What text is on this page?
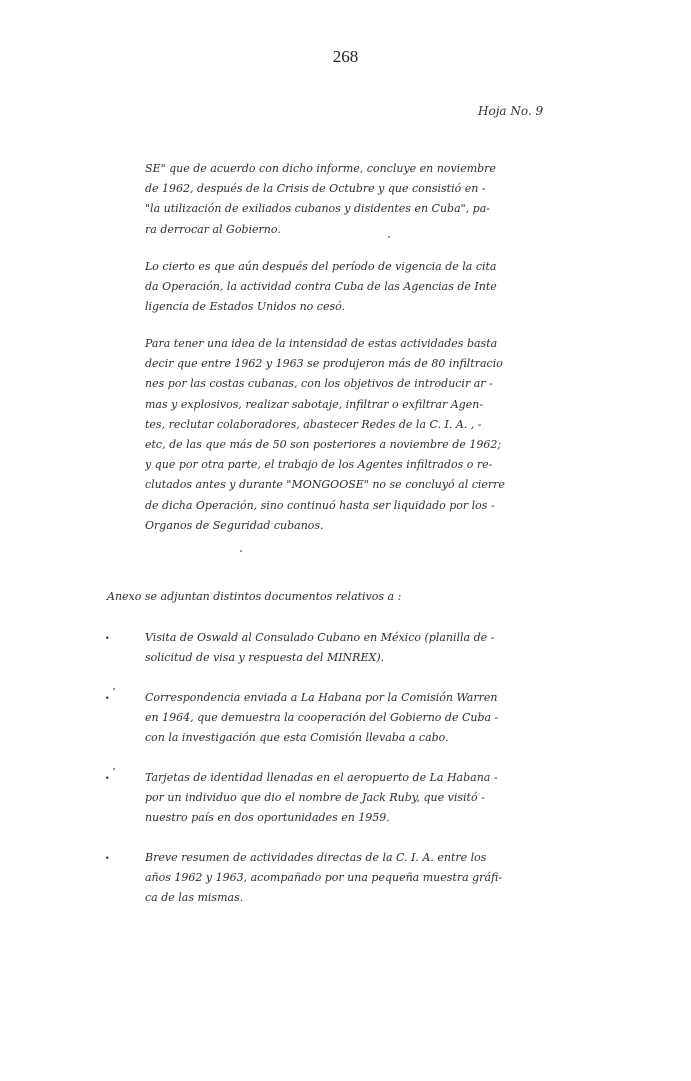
268
Hoja No. 9
SE" que de acuerdo con dicho informe, concluye en noviembre
de 1962, después de la Crisis de Octubre y que consistió en -
"la utilización de exiliados cubanos y disidentes en Cuba", pa-
ra derrocar al Gobierno.
Lo cierto es que aún después del período de vigencia de la cita
da Operación, la actividad contra Cuba de las Agencias de Inte
ligencia de Estados Unidos no cesó.
Para tener una idea de la intensidad de estas actividades basta
decir que entre 1962 y 1963 se produjeron más de 80 infiltracio
nes por las costas cubanas, con los objetivos de introducir ar -
mas y explosivos, realizar sabotaje, infiltrar o exfiltrar Agen-
tes, reclutar colaboradores, abastecer Redes de la C. I. A. , -
etc, de las que más de 50 son posteriores a noviembre de 1962;
y que por otra parte, el trabajo de los Agentes infiltrados o re-
clutados antes y durante "MONGOOSE" no se concluyó al cierre
de dicha Operación, sino continuó hasta ser liquidado por los -
Organos de Seguridad cubanos.
Anexo se adjuntan distintos documentos relativos a :
.	Visita de Oswald al Consulado Cubano en México (planilla de -
solicitud de visa y respuesta del MINREX).
.	Correspondencia enviada a La Habana por la Comisión Warren
en 1964, que demuestra la cooperación del Gobierno de Cuba -
con la investigación que esta Comisión llevaba a cabo.
.	Tarjetas de identidad llenadas en el aeropuerto de La Habana -
por un individuo que dio el nombre de Jack Ruby, que visitó -
nuestro país en dos oportunidades en 1959.
.	Breve resumen de actividades directas de la C. I. A. entre los
años 1962 y 1963, acompañado por una pequeña muestra gráfi-
ca de las mismas.
